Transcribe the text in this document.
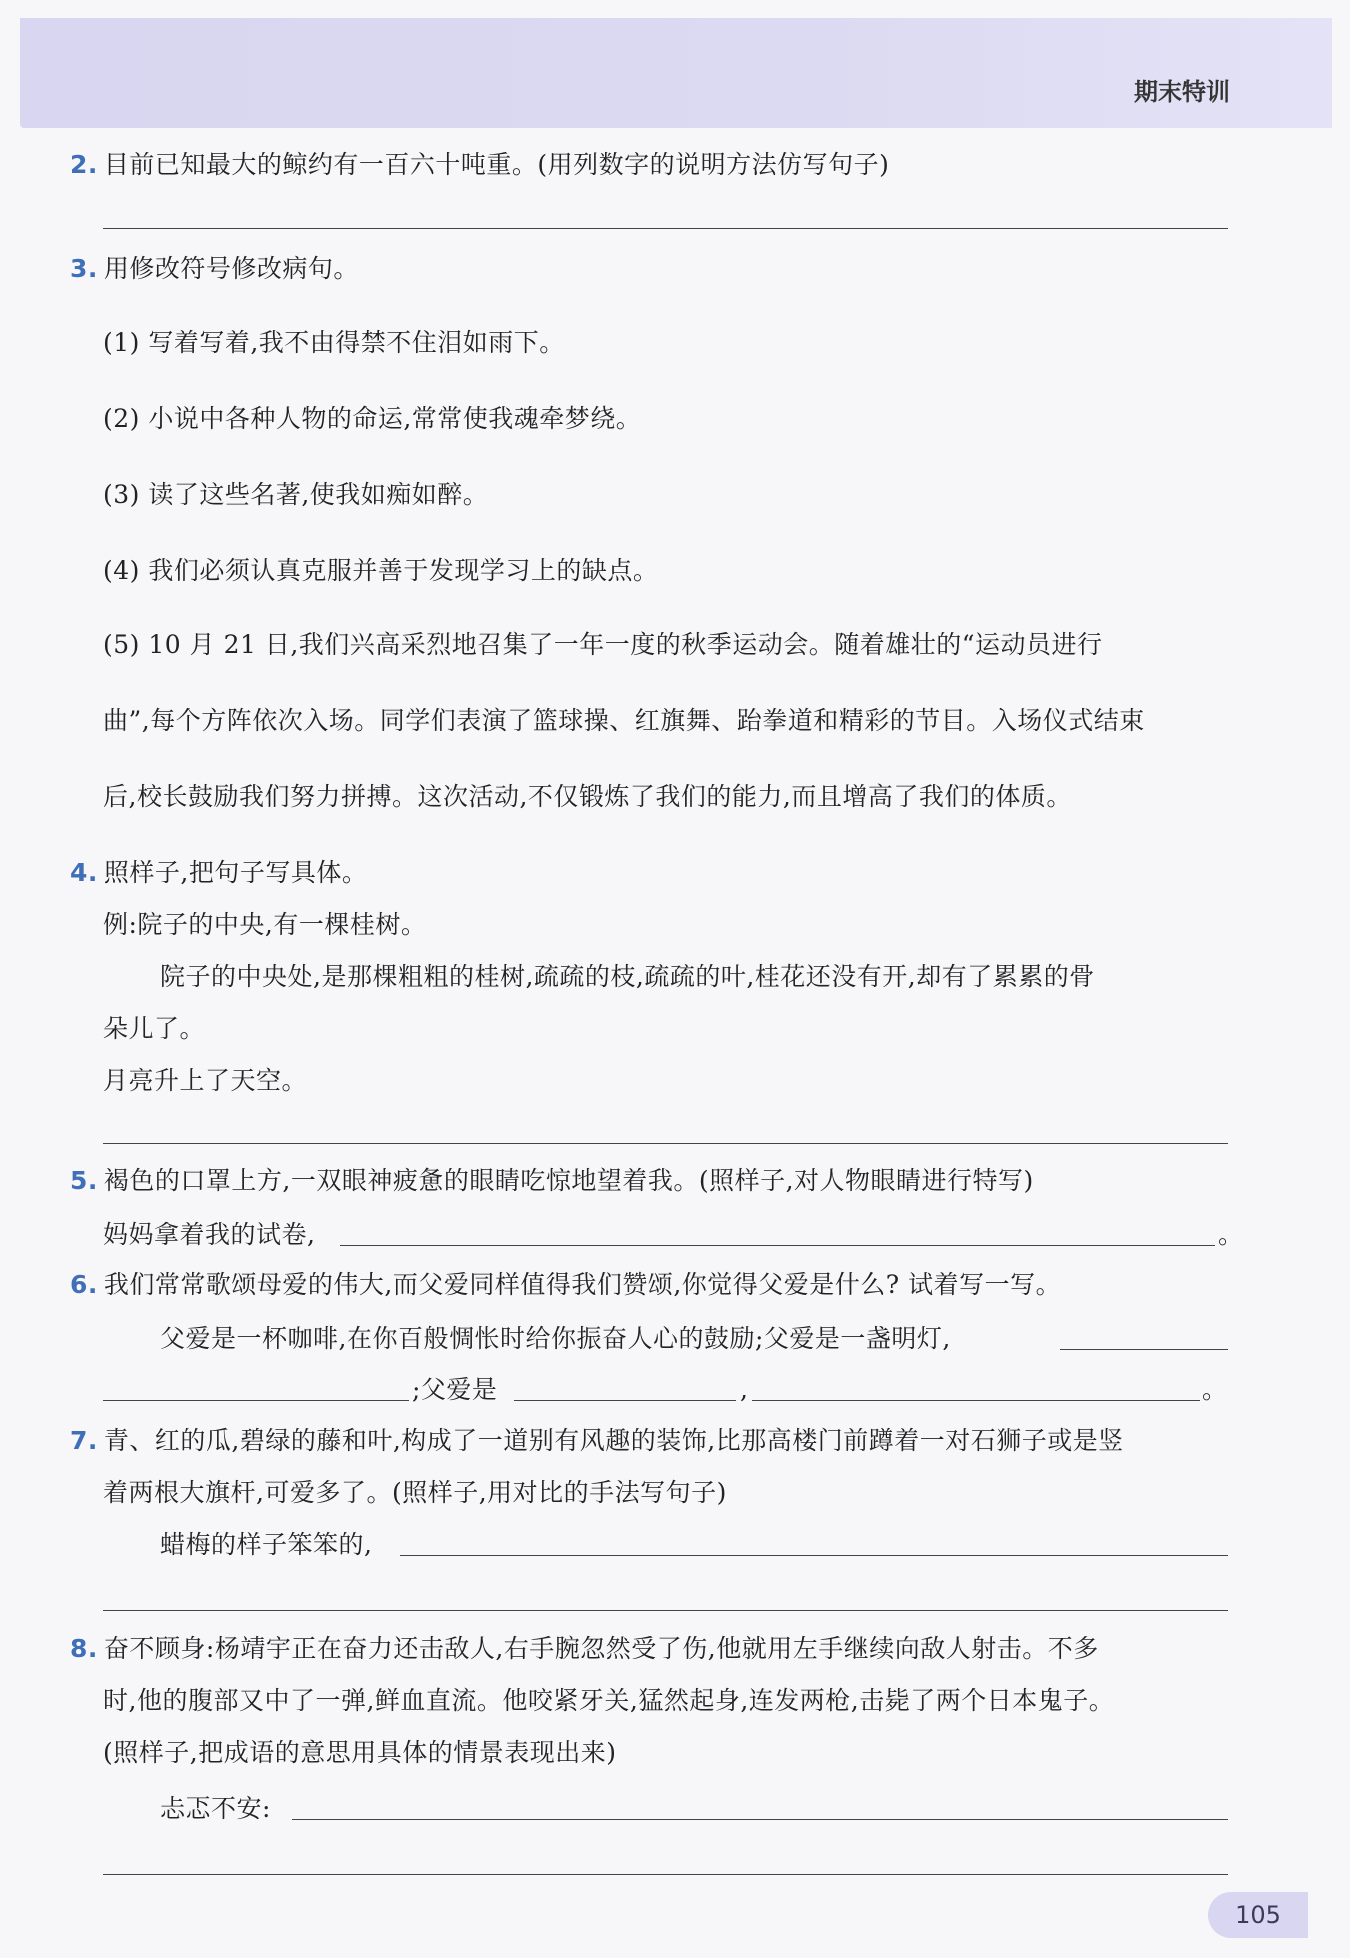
期末特训
2. 目前已知最大的鲸约有一百六十吨重。(用列数字的说明方法仿写句子)
3. 用修改符号修改病句。
(1) 写着写着,我不由得禁不住泪如雨下。
(2) 小说中各种人物的命运,常常使我魂牵梦绕。
(3) 读了这些名著,使我如痴如醉。
(4) 我们必须认真克服并善于发现学习上的缺点。
(5) 10 月 21 日,我们兴高采烈地召集了一年一度的秋季运动会。随着雄壮的“运动员进行
曲”,每个方阵依次入场。同学们表演了篮球操、红旗舞、跆拳道和精彩的节目。入场仪式结束
后,校长鼓励我们努力拼搏。这次活动,不仅锻炼了我们的能力,而且增高了我们的体质。
4. 照样子,把句子写具体。
例:院子的中央,有一棵桂树。
院子的中央处,是那棵粗粗的桂树,疏疏的枝,疏疏的叶,桂花还没有开,却有了累累的骨
朵儿了。
月亮升上了天空。
5. 褐色的口罩上方,一双眼神疲惫的眼睛吃惊地望着我。(照样子,对人物眼睛进行特写)
妈妈拿着我的试卷,	。
6. 我们常常歌颂母爱的伟大,而父爱同样值得我们赞颂,你觉得父爱是什么? 试着写一写。
父爱是一杯咖啡,在你百般惆怅时给你振奋人心的鼓励;父爱是一盏明灯,
;父爱是	,	。
7. 青、红的瓜,碧绿的藤和叶,构成了一道别有风趣的装饰,比那高楼门前蹲着一对石狮子或是竖
着两根大旗杆,可爱多了。(照样子,用对比的手法写句子)
蜡梅的样子笨笨的,
8. 奋不顾身:杨靖宇正在奋力还击敌人,右手腕忽然受了伤,他就用左手继续向敌人射击。不多
时,他的腹部又中了一弹,鲜血直流。他咬紧牙关,猛然起身,连发两枪,击毙了两个日本鬼子。
(照样子,把成语的意思用具体的情景表现出来)
忐忑不安:
105
